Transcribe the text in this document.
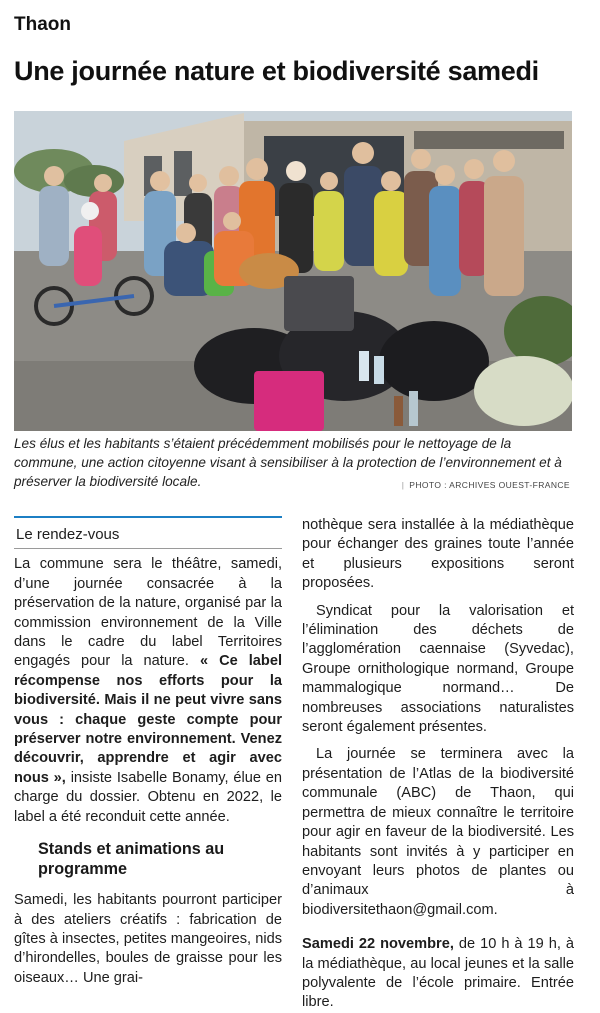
Thaon
Une journée nature et biodiversité samedi
Les élus et les habitants s’étaient précédemment mobilisés pour le nettoyage de la commune, une action citoyenne visant à sensibiliser à la protection de l’environnement et à préserver la biodiversité locale.	| PHOTO : ARCHIVES OUEST-FRANCE
Le rendez-vous

La commune sera le théâtre, samedi, d’une journée consacrée à la préservation de la nature, organisé par la commission environnement de la Ville dans le cadre du label Territoires engagés pour la nature. « Ce label récompense nos efforts pour la biodiversité. Mais il ne peut vivre sans vous : chaque geste compte pour préserver notre environnement. Venez découvrir, apprendre et agir avec nous », insiste Isabelle Bonamy, élue en charge du dossier. Obtenu en 2022, le label a été reconduit cette année.

Stands et animations au programme

Samedi, les habitants pourront participer à des ateliers créatifs : fabrication de gîtes à insectes, petites mangeoires, nids d’hirondelles, boules de graisse pour les oiseaux… Une grai-

nothèque sera installée à la médiathèque pour échanger des graines toute l’année et plusieurs expositions seront proposées.

Syndicat pour la valorisation et l’élimination des déchets de l’agglomération caennaise (Syvedac), Groupe ornithologique normand, Groupe mammalogique normand… De nombreuses associations naturalistes seront également présentes.

La journée se terminera avec la présentation de l’Atlas de la biodiversité communale (ABC) de Thaon, qui permettra de mieux connaître le territoire pour agir en faveur de la biodiversité. Les habitants sont invités à y participer en envoyant leurs photos de plantes ou d’animaux à biodiversitethaon@gmail.com.

Samedi 22 novembre, de 10 h à 19 h, à la médiathèque, au local jeunes et la salle polyvalente de l’école primaire. Entrée libre.
